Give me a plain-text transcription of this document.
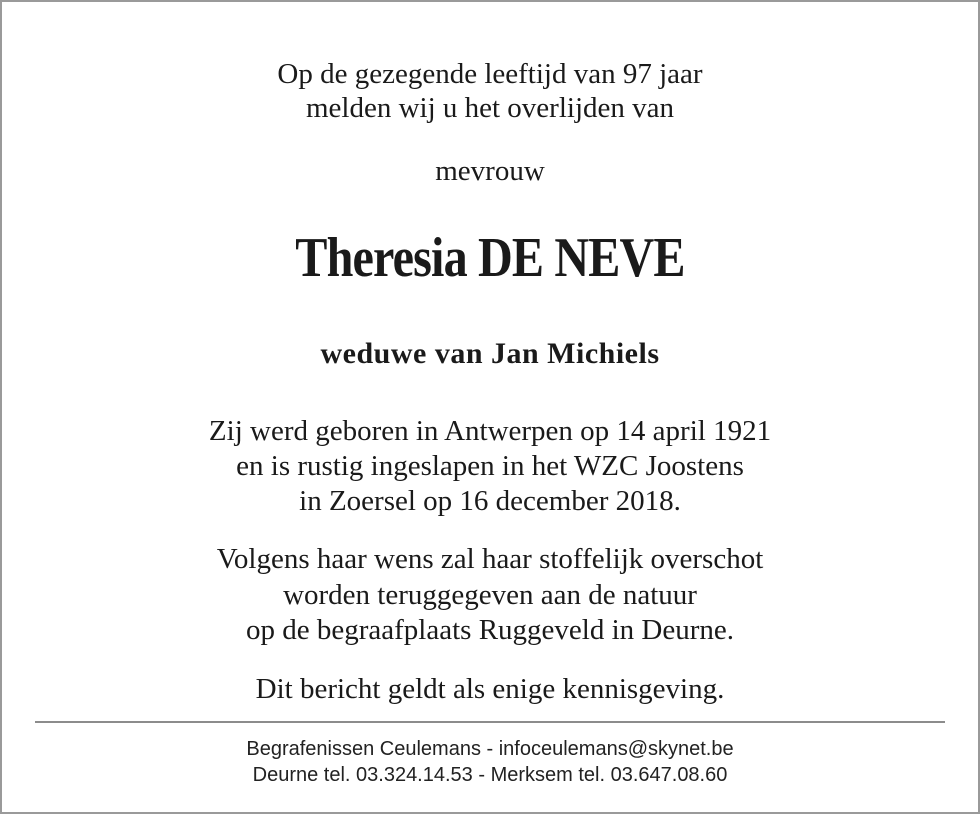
Op de gezegende leeftijd van 97 jaar
melden wij u het overlijden van
mevrouw
Theresia DE NEVE
weduwe van Jan Michiels
Zij werd geboren in Antwerpen op 14 april 1921
en is rustig ingeslapen in het WZC Joostens
in Zoersel op 16 december 2018.
Volgens haar wens zal haar stoffelijk overschot
worden teruggegeven aan de natuur
op de begraafplaats Ruggeveld in Deurne.
Dit bericht geldt als enige kennisgeving.
Begrafenissen Ceulemans - infoceulemans@skynet.be
Deurne tel. 03.324.14.53 - Merksem tel. 03.647.08.60
